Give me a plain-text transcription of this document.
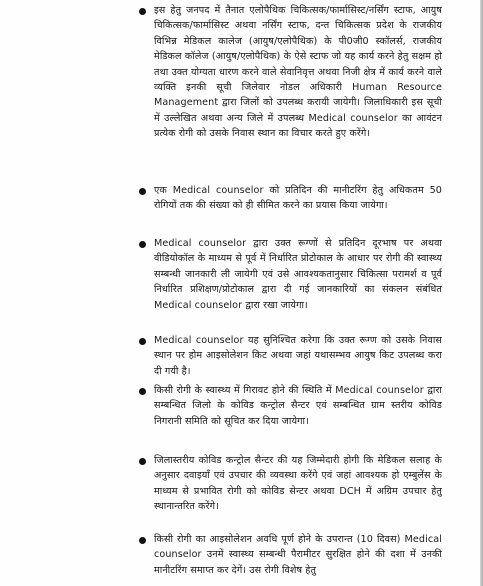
इस हेतु जनपद में तैनात एलोपैथिक चिकित्सक/फार्मासिस्ट/नर्सिंग स्टाफ, आयुष चिकित्सक/फार्मासिस्ट अथवा नर्सिंग स्टाफ, दन्त चिकित्सक प्रदेश के राजकीय विभिन्न मेडिकल कालेज (आयुष/एलोपैथिक) के पी0जी0 स्कॉलर्स, राजकीय मेडिकल कॉलेज (आयुष/एलोपैथिक) के ऐसे स्टाफ जो यह कार्य करने हेतु सक्षम हो तथा उक्त योग्यता धारण करने वाले सेवानिवृत्त अथवा निजी क्षेत्र में कार्य करने वाले व्यक्ति इनकी सूची जिलेवार नोडल अधिकारी Human Resource Management द्वारा जिलों को उपलब्ध करायी जायेगी। जिलाधिकारी इस सूची में उल्लेखित अथवा अन्य जिले में उपलब्ध Medical counselor का आवंटन प्रत्येक रोगी को उसके निवास स्थान का विचार करते हुए करेंगे।

एक Medical counselor को प्रतिदिन की मानीटरिंग हेतु अधिकतम 50 रोगियों तक की संख्या को ही सीमित करने का प्रयास किया जायेगा।

Medical counselor द्वारा उक्त रूग्णों से प्रतिदिन दूरभाष पर अथवा वीडियोकॉल के माध्यम से पूर्व में निर्धारित प्रोटोकाल के आधार पर रोगी की स्वास्थ्य सम्बन्धी जानकारी ली जायेगी एवं उसे आवश्यकतानुसार चिकित्सा परामर्श व पूर्व निर्धारित प्रशिक्षण/प्रोटोकाल द्वारा दी गई जानकारियों का संकलन संबंधित Medical counselor द्वारा रखा जायेगा।

Medical counselor यह सुनिश्चित करेगा कि उक्त रूग्ण को उसके निवास स्थान पर होम आइसोलेशन किट अथवा जहां यथासम्भव आयुष किट उपलब्ध करा दी गयी है।

किसी रोगी के स्वास्थ्य में गिरावट होने की स्थिति में Medical counselor द्वारा सम्बन्धित जिलो के कोविड कन्ट्रोल सैन्टर एवं सम्बन्धित ग्राम स्तरीय कोविड निगरानी समिति को सूचित कर दिया जायेगा।

जिलास्तरीय कोविड कन्ट्रोल सैन्टर की यह जिम्मेदारी होगी कि मेडिकल सलाह के अनुसार दवाइयॉं एवं उपचार की व्यवस्था करेंगे एवं जहां आवश्यक हो एम्बुलेंस के माध्यम से प्रभावित रोगी को कोविड सेन्टर अथवा DCH में अग्रिम उपचार हेतु स्थानान्तरित करेंगे।

किसी रोगी का आइसोलेशन अवधि पूर्ण होने के उपरान्त (10 दिवस) Medical counselor उनमें स्वास्थ्य सम्बन्धी पैरामीटर सुरक्षित होने की दशा में उनकी मानीटरिंग समाप्त कर देगें। उस रोगी विशेष हेतु
